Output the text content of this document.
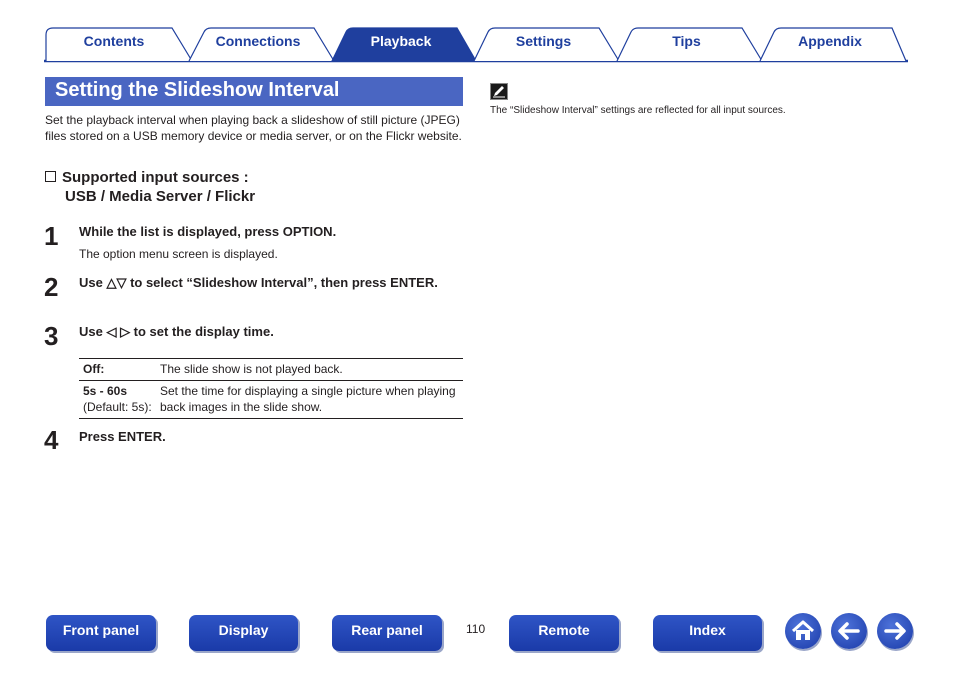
Contents	Connections	Playback	Settings	Tips	Appendix
Setting the Slideshow Interval

Set the playback interval when playing back a slideshow of still picture (JPEG) files stored on a USB memory device or media server, or on the Flickr website.

Supported input sources :
USB / Media Server / Flickr
1 While the list is displayed, press OPTION.
The option menu screen is displayed.
2 Use △▽ to select “Slideshow Interval”, then press ENTER.
3 Use ◁ ▷ to set the display time.
Off:	The slide show is not played back.
5s - 60s
(Default: 5s):	Set the time for displaying a single picture when playing back images in the slide show.
4 Press ENTER.
The “Slideshow Interval” settings are reflected for all input sources.
Front panel	Display	Rear panel	110	Remote	Index
